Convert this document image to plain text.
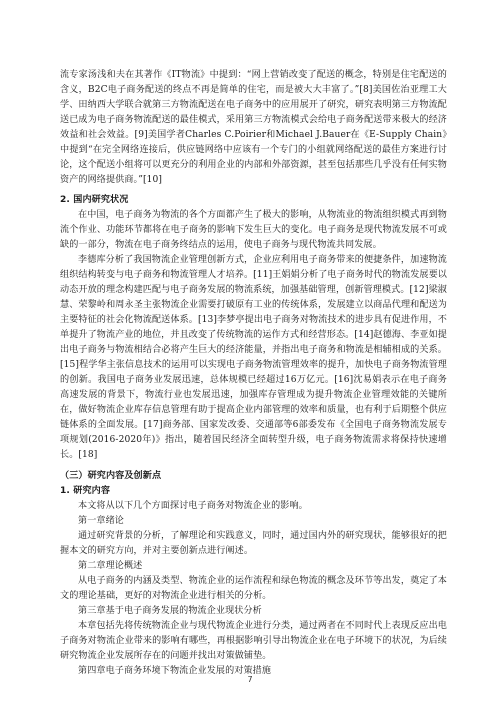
流专家汤浅和夫在其著作《IT物流》中提到：“网上营销改变了配送的概念，特别是住宅配送的含义，B2C电子商务配送的终点不再是简单的住宅，而是被大大丰富了。”[8]美国佐治亚理工大学、田纳西大学联合就第三方物流配送在电子商务中的应用展开了研究，研究表明第三方物流配送已成为电子商务物流配送的最佳模式，采用第三方物流模式会给电子商务配送带来极大的经济效益和社会效益。[9]美国学者Charles C.Poirier和Michael J.Bauer在《E-Supply Chain》中提到“在完全网络连接后，供应链网络中应该有一个专门的小组就网络配送的最佳方案进行讨论，这个配送小组将可以更充分的利用企业的内部和外部资源，甚至包括那些几乎没有任何实物资产的网络提供商。”[10]

2. 国内研究状况

在中国，电子商务为物流的各个方面都产生了极大的影响，从物流业的物流组织模式再到物流个作业、功能环节都将在电子商务的影响下发生巨大的变化。电子商务是现代物流发展不可或缺的一部分，物流在电子商务终结点的运用，使电子商务与现代物流共同发展。

李德库分析了我国物流企业管理创新方式，企业应利用电子商务带来的便捷条件，加速物流组织结构转变与电子商务和物流管理人才培养。[11]王娟娟分析了电子商务时代的物流发展要以动态开放的理念构建匹配与电子商务发展的物流系统，加强基础管理，创新管理模式。[12]梁淑慧、荣黎岭和周永圣主张物流企业需要打破原有工业的传统体系，发展建立以商品代理和配送为主要特征的社会化物流配送体系。[13]李梦亭提出电子商务对物流技术的进步具有促进作用，不单提升了物流产业的地位，并且改变了传统物流的运作方式和经营形态。[14]赵德海、李亚如提出电子商务与物流相结合必将产生巨大的经济能量，并指出电子商务和物流是相辅相成的关系。[15]程学华主张信息技术的运用可以实现电子商务物流管理效率的提升，加快电子商务物流管理的创新。我国电子商务业发展迅速，总体规模已经超过16万亿元。[16]沈易娟表示在电子商务高速发展的背景下，物流行业也发展迅速，加强库存管理成为提升物流企业管理效能的关键所在，做好物流企业库存信息管理有助于提高企业内部管理的效率和质量，也有利于后期整个供应链体系的全面发展。[17]商务部、国家发改委、交通部等6部委发布《全国电子商务物流发展专项规划(2016-2020年)》指出，随着国民经济全面转型升级，电子商务物流需求将保持快速增长。[18]

（三）研究内容及创新点

1. 研究内容

本文将从以下几个方面探讨电子商务对物流企业的影响。

第一章绪论

通过研究背景的分析，了解理论和实践意义，同时，通过国内外的研究现状，能够很好的把握本文的研究方向，并对主要创新点进行阐述。

第二章理论概述

从电子商务的内涵及类型、物流企业的运作流程和绿色物流的概念及环节等出发，奠定了本文的理论基础，更好的对物流企业进行相关的分析。

第三章基于电子商务发展的物流企业现状分析

本章包括先将传统物流企业与现代物流企业进行分类，通过两者在不同时代上表现反应出电子商务对物流企业带来的影响有哪些，再根据影响引导出物流企业在电子环境下的状况，为后续研究物流企业发展所存在的问题并找出对策做铺垫。

第四章电子商务环境下物流企业发展的对策措施

7
